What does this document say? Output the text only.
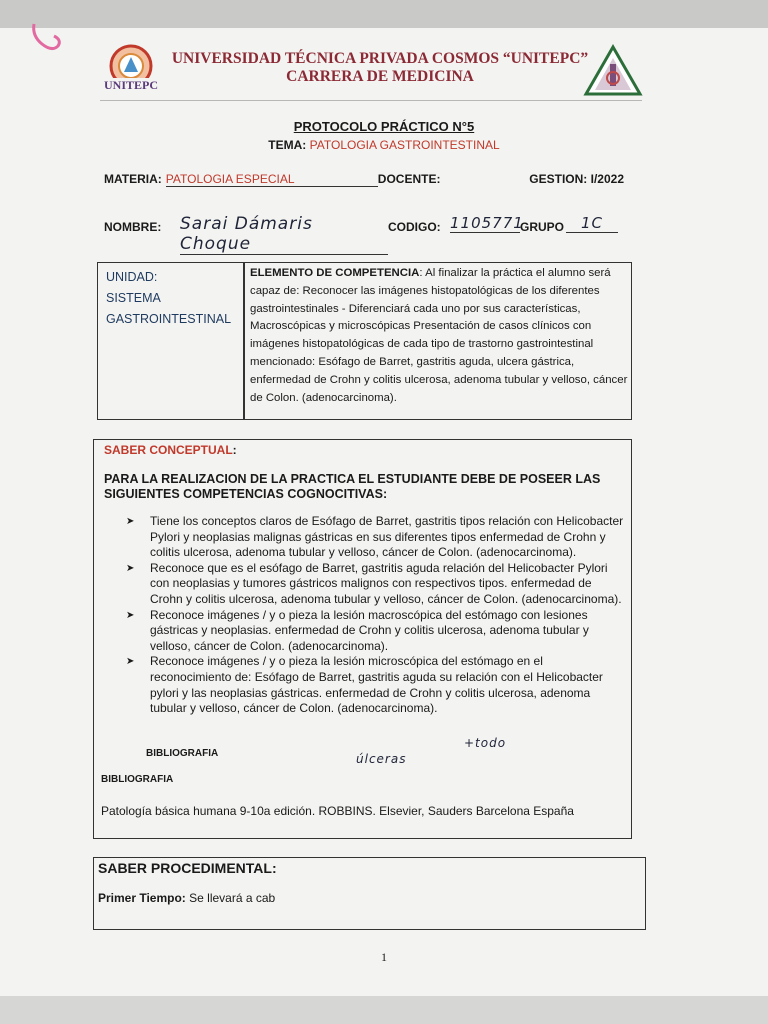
UNITEPC
UNIVERSIDAD TÉCNICA PRIVADA COSMOS “UNITEPC”
CARRERA DE MEDICINA
PROTOCOLO PRÁCTICO N°5
TEMA: PATOLOGIA GASTROINTESTINAL
MATERIA: PATOLOGIA ESPECIAL	DOCENTE:	GESTION: I/2022
NOMBRE: Sarai Dámaris Choque
CODIGO: 1105771
GRUPO	1C
UNIDAD:
SISTEMA
GASTROINTESTINAL
ELEMENTO DE COMPETENCIA: Al finalizar la práctica el alumno será capaz de: Reconocer las imágenes histopatológicas de los diferentes gastrointestinales - Diferenciará cada uno por sus características, Macroscópicas y microscópicas Presentación de casos clínicos con imágenes histopatológicas de cada tipo de trastorno gastrointestinal mencionado: Esófago de Barret, gastritis aguda, ulcera gástrica, enfermedad de Crohn y colitis ulcerosa, adenoma tubular y velloso, cáncer de Colon. (adenocarcinoma).
SABER CONCEPTUAL:
PARA LA REALIZACION DE LA PRACTICA EL ESTUDIANTE DEBE DE POSEER LAS SIGUIENTES COMPETENCIAS COGNOCITIVAS:
➤ Tiene los conceptos claros de Esófago de Barret, gastritis tipos relación con Helicobacter Pylori y neoplasias malignas gástricas en sus diferentes tipos enfermedad de Crohn y colitis ulcerosa, adenoma tubular y velloso, cáncer de Colon. (adenocarcinoma).
➤ Reconoce que es el esófago de Barret, gastritis aguda relación del Helicobacter Pylori con neoplasias y tumores gástricos malignos con respectivos tipos. enfermedad de Crohn y colitis ulcerosa, adenoma tubular y velloso, cáncer de Colon. (adenocarcinoma).
➤ Reconoce imágenes / y o pieza la lesión macroscópica del estómago con lesiones gástricas y neoplasias. enfermedad de Crohn y colitis ulcerosa, adenoma tubular y velloso, cáncer de Colon. (adenocarcinoma).
➤ Reconoce imágenes / y o pieza la lesión microscópica del estómago en el reconocimiento de: Esófago de Barret, gastritis aguda su relación con el Helicobacter pylori y las neoplasias gástricas. enfermedad de Crohn y colitis ulcerosa, adenoma tubular y velloso, cáncer de Colon. (adenocarcinoma).
BIBLIOGRAFIA
+todo
úlceras
BIBLIOGRAFIA
Patología básica humana 9-10a edición. ROBBINS. Elsevier, Sauders Barcelona España
SABER PROCEDIMENTAL:
Primer Tiempo: Se llevará a cab
1
